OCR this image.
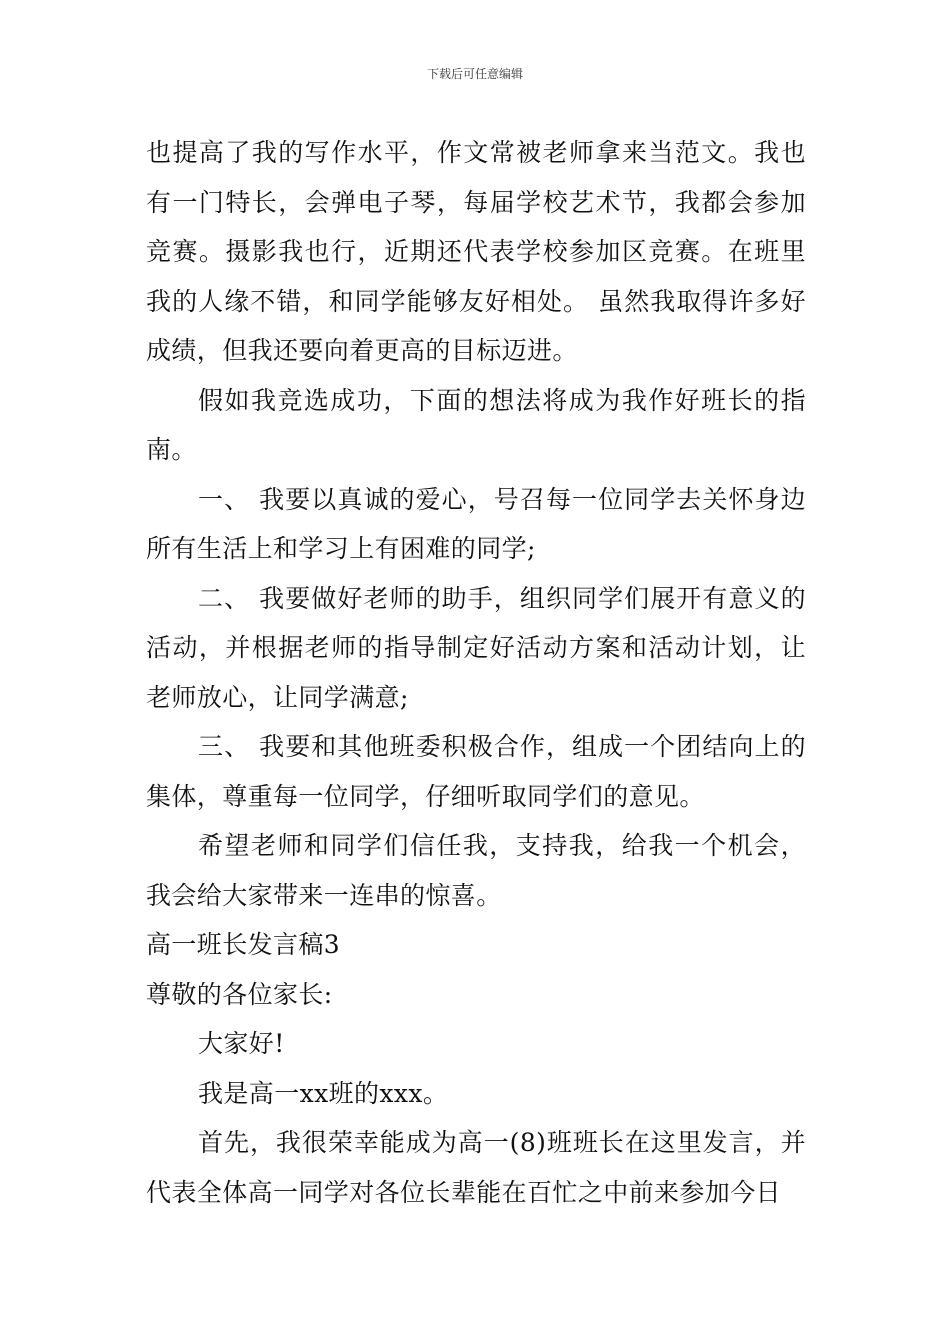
下载后可任意编辑

也提高了我的写作水平，作文常被老师拿来当范文。我也有一门特长，会弹电子琴，每届学校艺术节，我都会参加竞赛。摄影我也行，近期还代表学校参加区竞赛。在班里我的人缘不错，和同学能够友好相处。 虽然我取得许多好成绩，但我还要向着更高的目标迈进。

假如我竞选成功，下面的想法将成为我作好班长的指南。

一、 我要以真诚的爱心，号召每一位同学去关怀身边所有生活上和学习上有困难的同学;

二、 我要做好老师的助手，组织同学们展开有意义的活动，并根据老师的指导制定好活动方案和活动计划，让老师放心，让同学满意;

三、 我要和其他班委积极合作，组成一个团结向上的集体，尊重每一位同学，仔细听取同学们的意见。

希望老师和同学们信任我，支持我，给我一个机会，我会给大家带来一连串的惊喜。

高一班长发言稿3

尊敬的各位家长:

大家好!

我是高一xx班的xxx。

首先，我很荣幸能成为高一(8)班班长在这里发言，并代表全体高一同学对各位长辈能在百忙之中前来参加今日
